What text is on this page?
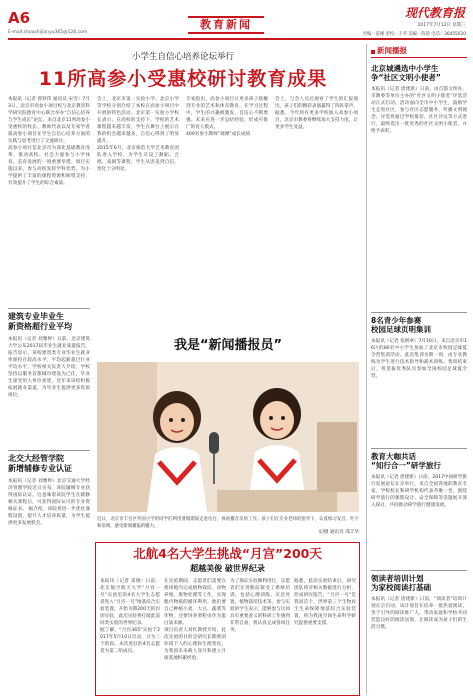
A6
E-mail:shoushijianyu365@126.com
教育新闻
现代教育报
2017年7月12日 星期三
责编：雷刚 责校：王华 美编：陈晨 电话：36455020
小学生自信心培养论坛举行
11所高参小受惠校研讨教育成果
本报讯（记者 郭铁伟 通讯员 宋雪）7月3日，北京市高参小项目校与北京教育科学研究院德育中心联合举办“自信心培养与学生成长”论坛，来自北京11所高参小受惠校的校长、教师代表以及专家学者就高参小项目在学生自信心培养方面的实践与思考进行了交流研讨。
高参小项目是北京市为深化基础教育改革，推动高校、社会力量参与小学体育、美育发展的一项重要举措。项目实施以来，参与高校发挥学科优势，为小学提供了丰富的课程资源和师资支持，有效提升了学生的综合素质。
会上，北京市第一实验小学、北京小学等学校分别介绍了本校在高参小项目中开展的特色活动。北京第一实验小学校长表示，在高校的支持下，学校的艺术课程越来越丰富，学生在舞台上展示自我的机会越来越多，自信心得到了明显提升。
2015年6月，北京师范大学艺术教育团队进入学校，为学生开设了舞蹈、合唱、戏剧等课程，学生从害羞到自信，变化十分明显。
专家指出，高参小项目让更多孩子接触到专业的艺术和体育教育，在学习过程中，学生的兴趣被激发，自信心不断增强。未来应进一步总结经验，形成可推广的育人模式。
400名参小教师“观摩”成长成绩
会上，与会人员还观看了学生的汇报演出。孩子们的精彩表演赢得了阵阵掌声。据悉，今年将有更多学校加入高参小项目，北京市教委将继续加大支持力度，让更多学生受益。
建筑专业毕业生
新资格超行业平均
本报讯（记者 刘雅婷）日前，北京建筑大学公布2017届毕业生就业质量报告，报告显示，该校建筑类专业毕业生就业率保持在较高水平，平均起薪超过行业平均水平。学校相关负责人介绍，学校坚持以服务首都城市建设为己任，毕业生深受用人单位欢迎，近年来该校积极拓展就业渠道，为毕业生提供更多优质岗位。
北交大经管学院
新增辅修专业认证
本报讯（记者 刘雅婷）北京交通大学经济管理学院近日宣布，该院辅修专业获得国际认证。这意味着该院学生在辅修相关课程后，可获得国际认可的专业资格证书。 据介绍，该院将进一步优化课程设置，提升人才培养质量，为学生提供更多发展机会。
我是“新闻播报员”
近日，北京市丰台区外国小学的同学们利用暑假期间走进电台，体验播音员的工作。孩子们在专业老师的指导下，认真练习发音、吐字和语调，感受新闻播报的魅力。
文/摄 通讯员 邵丰华
北航4名大学生挑战“月宫”200天
超越美俊 破世界纪录
本报讯（记者 雷刚）日前，北京航空航天大学“月宫一号”实验室的4名大学生志愿者进入“月宫一号”地基综合实验装置，开始为期200天的封闭实验，此次实验将打破此前同类实验的世界纪录。
据了解，“月宫365”实验于2017年5月10日启动，分为三个阶段。本次进驻的4名志愿者为第二组成员。
在实验期间，志愿者们需要在密闭舱内完成植物栽培、动物养殖、废物处理等工作，实现舱内物质的循环利用。他们要自己种植小麦、大豆、蔬菜等作物，还要饲养黄粉虫作为蛋白质来源。
项目负责人刘红教授介绍，此次实验的目的是研究长期密闭环境下人的心理和生理变化，为我国未来载人登月和建立月球基地积累经验。
为了保证实验顺利进行，志愿者们在进舱前接受了系统培训，包括心理训练、应急处置、植物栽培技术等。参与实验的学生表示，能够参与这项具有重要意义的科研工作感到非常自豪，将认真完成各项任务。
据悉，此次实验结束后，研究团队将对相关数据进行分析，形成研究报告。“月宫一号”是我国首个、世界第三个生物再生生命保障地基综合实验装置，将为我国空间生命科学研究提供重要支撑。
新闻播报
北京城遴选中小学生
争“社区文明小使者”
本报讯（记者 唐建新）日前，由首都文明办、市教委等单位主办的“社区文明小使者”评选活动正式启动。活动面向全市中小学生，鼓励学生走进社区，参与社区志愿服务，传播文明理念。评选将通过学校推荐、社区评议等方式进行，最终选出一批优秀的社区文明小使者，并给予表彰。
8名青少年参赛
校园足球页明集训
本报讯（记者 张朝翠）7月10日，来自北京市16区的80名中小学生参加了北京市校园足球夏令营集训活动。此次集训为期一周，由专业教练为学生进行技术指导和战术训练。集训结束后，将选拔优秀队员参加全国校园足球夏令营。
教育大咖共话
“知行合一”研学旅行
本报讯（记者 唐建新）日前，2017中国研学旅行发展论坛在京举行。来自全国各地的教育专家、学校校长和研学机构代表齐聚一堂，围绕研学旅行的课程设计、安全保障等话题展开深入探讨，共同推动研学旅行健康发展。
领读者培训计划
为家校阅读打基础
本报讯（记者 唐建新）日前，“领读者”培训计划在京启动。该计划旨在培养一批热爱阅读、善于引导的阅读推广人，带动家庭和学校共同营造良好的阅读氛围，让阅读成为孩子们的生活习惯。
